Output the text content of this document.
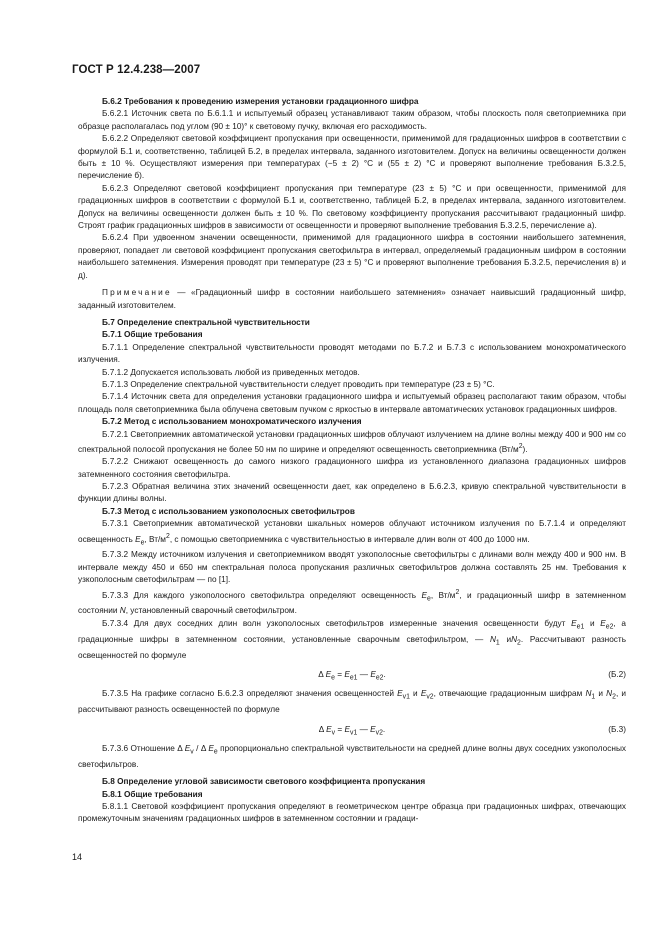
ГОСТ Р 12.4.238—2007

Б.6.2 Требования к проведению измерения установки градационного шифра

Б.6.2.1 Источник света по Б.6.1.1 и испытуемый образец устанавливают таким образом, чтобы плоскость поля светоприемника при образце располагалась под углом (90 ± 10)° к световому пучку, включая его расходимость.

Б.6.2.2 Определяют световой коэффициент пропускания при освещенности, применимой для градационных шифров в соответствии с формулой Б.1 и, соответственно, таблицей Б.2, в пределах интервала, заданного изготовителем. Допуск на величины освещенности должен быть ± 10 %. Осуществляют измерения при температурах (−5 ± 2) °С и (55 ± 2) °С и проверяют выполнение требования Б.3.2.5, перечисление б).

Б.6.2.3 Определяют световой коэффициент пропускания при температуре (23 ± 5) °С и при освещенности, применимой для градационных шифров в соответствии с формулой Б.1 и, соответственно, таблицей Б.2, в пределах интервала, заданного изготовителем. Допуск на величины освещенности должен быть ± 10 %. По световому коэффициенту пропускания рассчитывают градационный шифр. Строят график градационных шифров в зависимости от освещенности и проверяют выполнение требования Б.3.2.5, перечисление а).

Б.6.2.4 При удвоенном значении освещенности, применимой для градационного шифра в состоянии наибольшего затемнения, проверяют, попадает ли световой коэффициент пропускания светофильтра в интервал, определяемый градационным шифром в состоянии наибольшего затемнения. Измерения проводят при температуре (23 ± 5) °С и проверяют выполнение требования Б.3.2.5, перечисления в) и д).

Примечание — «Градационный шифр в состоянии наибольшего затемнения» означает наивысший градационный шифр, заданный изготовителем.

Б.7 Определение спектральной чувствительности

Б.7.1 Общие требования

Б.7.1.1 Определение спектральной чувствительности проводят методами по Б.7.2 и Б.7.3 с использованием монохроматического излучения.

Б.7.1.2 Допускается использовать любой из приведенных методов.

Б.7.1.3 Определение спектральной чувствительности следует проводить при температуре (23 ± 5) °С.

Б.7.1.4 Источник света для определения установки градационного шифра и испытуемый образец располагают таким образом, чтобы площадь поля светоприемника была облучена световым пучком с яркостью в интервале автоматических установок градационных шифров.

Б.7.2 Метод с использованием монохроматического излучения

Б.7.2.1 Светоприемник автоматической установки градационных шифров облучают излучением на длине волны между 400 и 900 нм со спектральной полосой пропускания не более 50 нм по ширине и определяют освещенность светоприемника $(Вт/м^2)$.

Б.7.2.2 Снижают освещенность до самого низкого градационного шифра из установленного диапазона градационных шифров затемненного состояния светофильтра.

Б.7.2.3 Обратная величина этих значений освещенности дает, как определено в Б.6.2.3, кривую спектральной чувствительности в функции длины волны.

Б.7.3 Метод с использованием узкополосных светофильтров

Б.7.3.1 Светоприемник автоматической установки шкальных номеров облучают источником излучения по Б.7.1.4 и определяют освещенность $E_е$, $Вт/м^2$, с помощью светоприемника с чувствительностью в интервале длин волн от 400 до 1000 нм.

Б.7.3.2 Между источником излучения и светоприемником вводят узкополосные светофильтры с длинами волн между 400 и 900 нм. В интервале между 450 и 650 нм спектральная полоса пропускания различных светофильтров должна составлять 25 нм. Требования к узкополосным светофильтрам — по [1].

Б.7.3.3 Для каждого узкополосного светофильтра определяют освещенность $E_е$, $Вт/м^2$, и градационный шифр в затемненном состоянии N, установленный сварочный светофильтром.

Б.7.3.4 Для двух соседних длин волн узкополосных светофильтров измеренные значения освещенности будут $E_{е1}$ и $E_{е2}$, а градационные шифры в затемненном состоянии, установленные сварочным светофильтром, — $N_1$ $иN_2$. Рассчитывают разность освещенностей по формуле

Δ $E_е = E_{е1}$ — $E_{е2}$.	(Б.2)

Б.7.3.5 На графике согласно Б.6.2.3 определяют значения освещенностей $E_{v1}$ и $E_{v2}$, отвечающие градационным шифрам $N_1$ и $N_2$, и рассчитывают разность освещенностей по формуле

Δ $E_v = E_{v1}$ — $E_{v2}$.	(Б.3)

Б.7.3.6 Отношение Δ $E_v$ / Δ $E_е$ пропорционально спектральной чувствительности на средней длине волны двух соседних узкополосных светофильтров.

Б.8 Определение угловой зависимости светового коэффициента пропускания

Б.8.1 Общие требования

Б.8.1.1 Световой коэффициент пропускания определяют в геометрическом центре образца при градационных шифрах, отвечающих промежуточным значениям градационных шифров в затемненном состоянии и градаци-

14
